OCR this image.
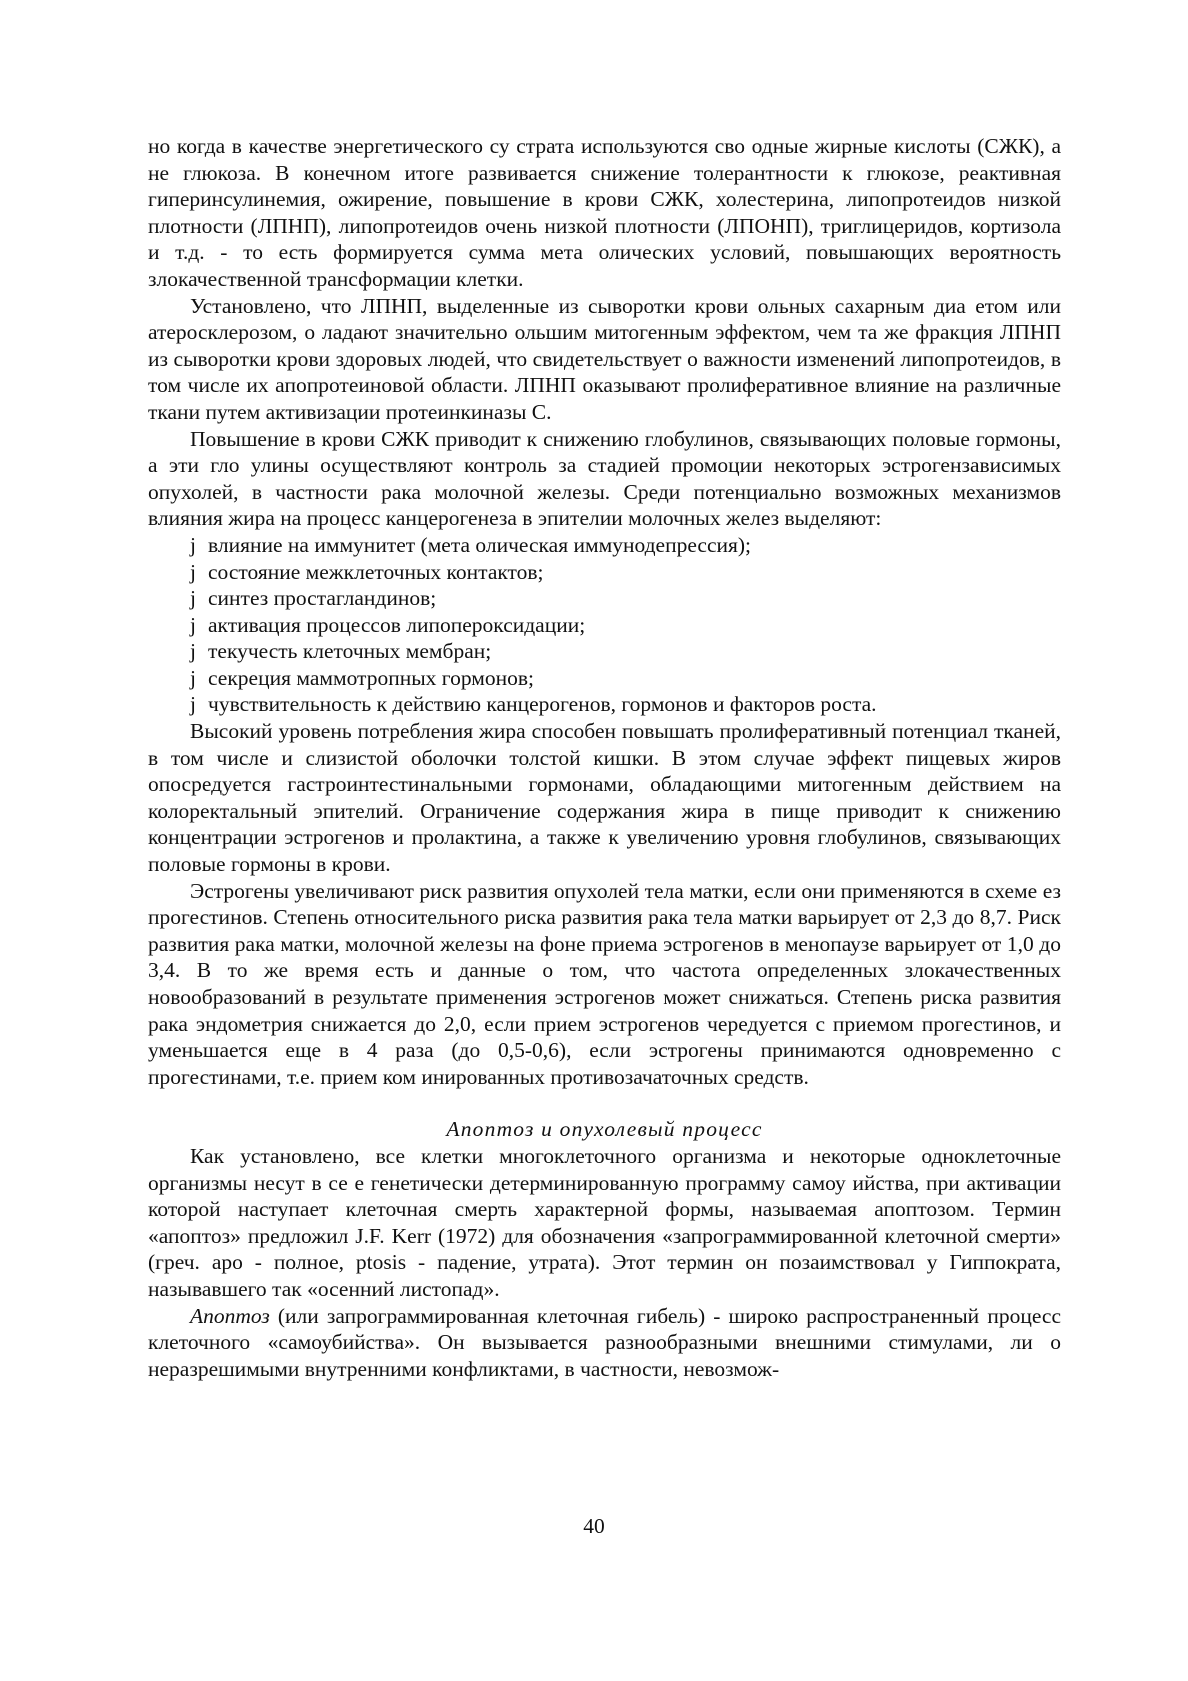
но когда в качестве энергетического су страта используются сво одные жирные кислоты (СЖК), а не глюкоза. В конечном итоге развивается снижение толерантности к глюкозе, реактивная гиперинсулинемия, ожирение, повышение в крови СЖК, холестерина, липопротеидов низкой плотности (ЛПНП), липопротеидов очень низкой плотности (ЛПОНП), триглицеридов, кортизола и т.д. - то есть формируется сумма мета олических условий, повышающих вероятность злокачественной трансформации клетки.

Установлено, что ЛПНП, выделенные из сыворотки крови ольных сахарным диа етом или атеросклерозом, о ладают значительно ольшим митогенным эффектом, чем та же фракция ЛПНП из сыворотки крови здоровых людей, что свидетельствует о важности изменений липопротеидов, в том числе их апопротеиновой области. ЛПНП оказывают пролиферативное влияние на различные ткани путем активизации протеинкиназы С.

Повышение в крови СЖК приводит к снижению глобулинов, связывающих половые гормоны, а эти гло улины осуществляют контроль за стадией промоции некоторых эстрогензависимых опухолей, в частности рака молочной железы. Среди потенциально возможных механизмов влияния жира на процесс канцерогенеза в эпителии молочных желез выделяют:

j влияние на иммунитет (мета олическая иммунодепрессия);
j состояние межклеточных контактов;
j синтез простагландинов;
j активация процессов липопероксидации;
j текучесть клеточных мембран;
j секреция маммотропных гормонов;
j чувствительность к действию канцерогенов, гормонов и факторов роста.

Высокий уровень потребления жира способен повышать пролиферативный потенциал тканей, в том числе и слизистой оболочки толстой кишки. В этом случае эффект пищевых жиров опосредуется гастроинтестинальными гормонами, обладающими митогенным действием на колоректальный эпителий. Ограничение содержания жира в пище приводит к снижению концентрации эстрогенов и пролактина, а также к увеличению уровня глобулинов, связывающих половые гормоны в крови.

Эстрогены увеличивают риск развития опухолей тела матки, если они применяются в схеме ез прогестинов. Степень относительного риска развития рака тела матки варьирует от 2,3 до 8,7. Риск развития рака матки, молочной железы на фоне приема эстрогенов в менопаузе варьирует от 1,0 до 3,4. В то же время есть и данные о том, что частота определенных злокачественных новообразований в результате применения эстрогенов может снижаться. Степень риска развития рака эндометрия снижается до 2,0, если прием эстрогенов чередуется с приемом прогестинов, и уменьшается еще в 4 раза (до 0,5-0,6), если эстрогены принимаются одновременно с прогестинами, т.е. прием ком инированных противозачаточных средств.

Апоптоз и опухолевый процесс

Как установлено, все клетки многоклеточного организма и некоторые одноклеточные организмы несут в се е генетически детерминированную программу самоу ийства, при активации которой наступает клеточная смерть характерной формы, называемая апоптозом. Термин «апоптоз» предложил J.F. Kerr (1972) для обозначения «запрограммированной клеточной смерти» (греч. apo - полное, ptosis - падение, утрата). Этот термин он позаимствовал у Гиппократа, называвшего так «осенний листопад».

Апоптоз (или запрограммированная клеточная гибель) - широко распространенный процесс клеточного «самоубийства». Он вызывается разнообразными внешними стимулами, ли о неразрешимыми внутренними конфликтами, в частности, невозмож-

40
